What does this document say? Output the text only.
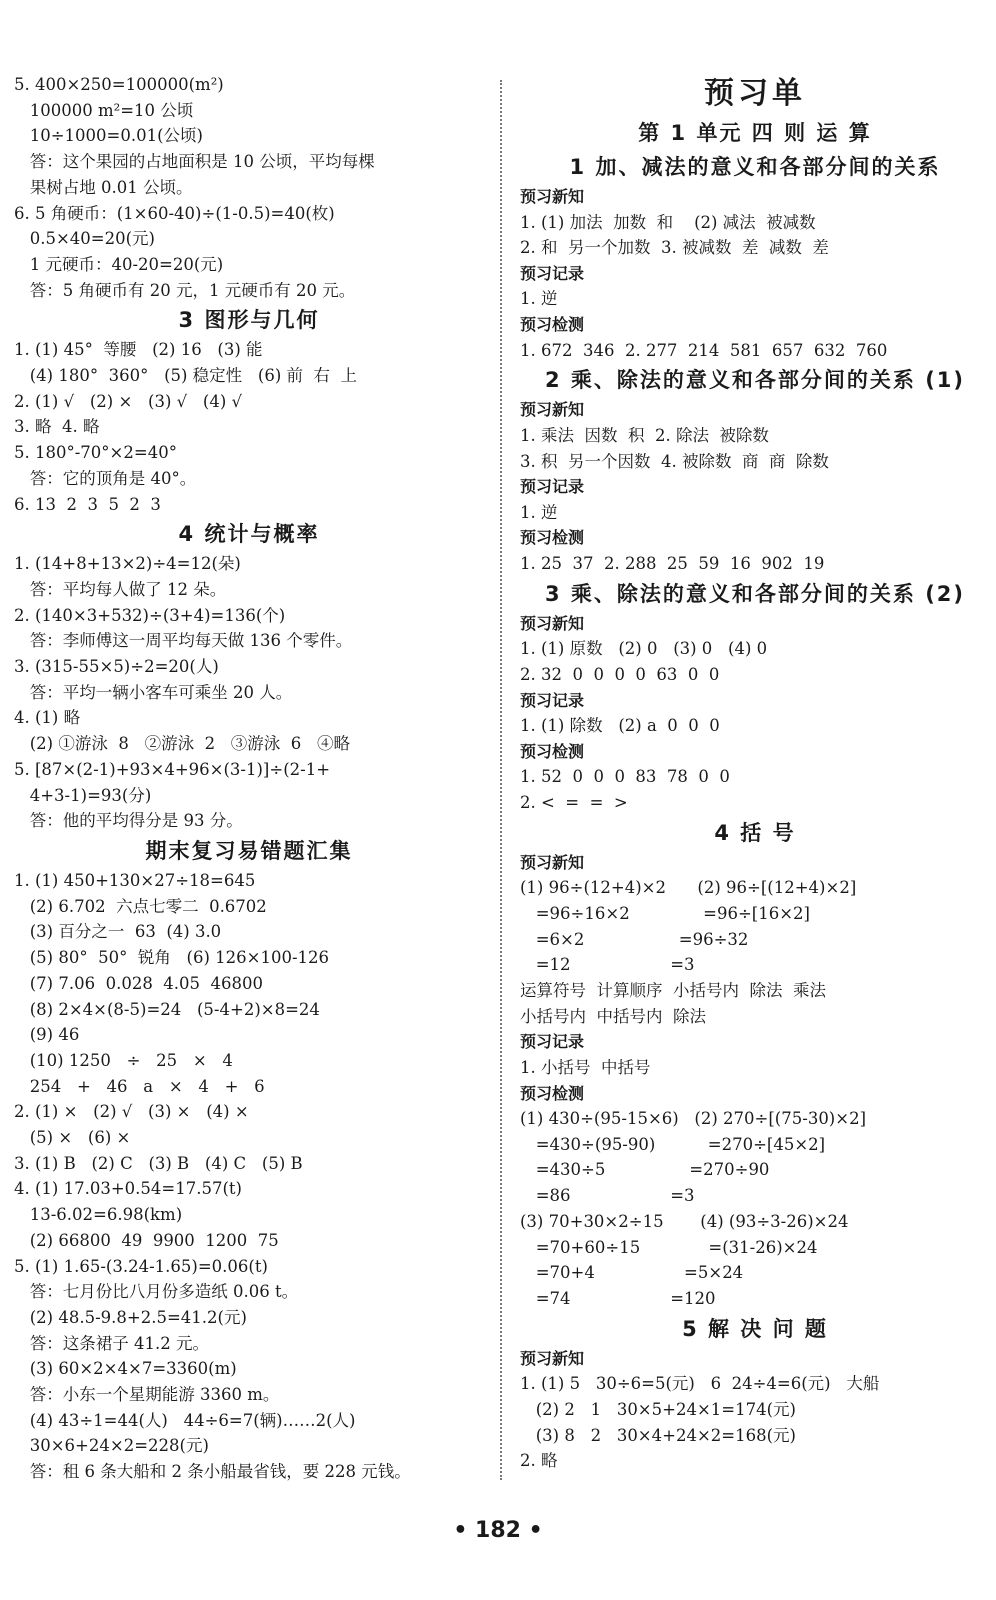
5. 400×250=100000(m²)
100000 m²=10 公顷
10÷1000=0.01(公顷)
答：这个果园的占地面积是 10 公顷，平均每棵
果树占地 0.01 公顷。
6. 5 角硬币：(1×60-40)÷(1-0.5)=40(枚)
0.5×40=20(元)
1 元硬币：40-20=20(元)
答：5 角硬币有 20 元，1 元硬币有 20 元。
3 图形与几何
1. (1) 45°  等腰   (2) 16   (3) 能
(4) 180°  360°   (5) 稳定性   (6) 前  右  上
2. (1) √   (2) ×   (3) √   (4) √
3. 略  4. 略
5. 180°-70°×2=40°
答：它的顶角是 40°。
6. 13  2  3  5  2  3
4 统计与概率
1. (14+8+13×2)÷4=12(朵)
答：平均每人做了 12 朵。
2. (140×3+532)÷(3+4)=136(个)
答：李师傅这一周平均每天做 136 个零件。
3. (315-55×5)÷2=20(人)
答：平均一辆小客车可乘坐 20 人。
4. (1) 略
(2) ①游泳  8   ②游泳  2   ③游泳  6   ④略
5. [87×(2-1)+93×4+96×(3-1)]÷(2-1+
4+3-1)=93(分)
答：他的平均得分是 93 分。
期末复习易错题汇集
1. (1) 450+130×27÷18=645
(2) 6.702  六点七零二  0.6702
(3) 百分之一  63  (4) 3.0
(5) 80°  50°  锐角   (6) 126×100-126
(7) 7.06  0.028  4.05  46800
(8) 2×4×(8-5)=24   (5-4+2)×8=24
(9) 46
(10) 1250   ÷   25   ×   4
254   +   46   a   ×   4   +   6
2. (1) ×   (2) √   (3) ×   (4) ×
(5) ×   (6) ×
3. (1) B   (2) C   (3) B   (4) C   (5) B
4. (1) 17.03+0.54=17.57(t)
13-6.02=6.98(km)
(2) 66800  49  9900  1200  75
5. (1) 1.65-(3.24-1.65)=0.06(t)
答：七月份比八月份多造纸 0.06 t。
(2) 48.5-9.8+2.5=41.2(元)
答：这条裙子 41.2 元。
(3) 60×2×4×7=3360(m)
答：小东一个星期能游 3360 m。
(4) 43÷1=44(人)   44÷6=7(辆)……2(人)
30×6+24×2=228(元)
答：租 6 条大船和 2 条小船最省钱，要 228 元钱。
预习单
第 1 单元 四 则 运 算
1 加、减法的意义和各部分间的关系
预习新知
1. (1) 加法  加数  和    (2) 减法  被减数
2. 和  另一个加数  3. 被减数  差  减数  差
预习记录
1. 逆
预习检测
1. 672  346  2. 277  214  581  657  632  760
2 乘、除法的意义和各部分间的关系 (1)
预习新知
1. 乘法  因数  积  2. 除法  被除数
3. 积  另一个因数  4. 被除数  商  商  除数
预习记录
1. 逆
预习检测
1. 25  37  2. 288  25  59  16  902  19
3 乘、除法的意义和各部分间的关系 (2)
预习新知
1. (1) 原数   (2) 0   (3) 0   (4) 0
2. 32  0  0  0  0  63  0  0
预习记录
1. (1) 除数   (2) a  0  0  0
预习检测
1. 52  0  0  0  83  78  0  0
2. <  =  =  >
4 括 号
预习新知
(1) 96÷(12+4)×2      (2) 96÷[(12+4)×2]
=96÷16×2              =96÷[16×2]
=6×2                  =96÷32
=12                   =3
运算符号  计算顺序  小括号内  除法  乘法
小括号内  中括号内  除法
预习记录
1. 小括号  中括号
预习检测
(1) 430÷(95-15×6)   (2) 270÷[(75-30)×2]
=430÷(95-90)          =270÷[45×2]
=430÷5                =270÷90
=86                   =3
(3) 70+30×2÷15       (4) (93÷3-26)×24
=70+60÷15             =(31-26)×24
=70+4                 =5×24
=74                   =120
5 解 决 问 题
预习新知
1. (1) 5   30÷6=5(元)   6  24÷4=6(元)   大船
(2) 2   1   30×5+24×1=174(元)
(3) 8   2   30×4+24×2=168(元)
2. 略
• 182 •
